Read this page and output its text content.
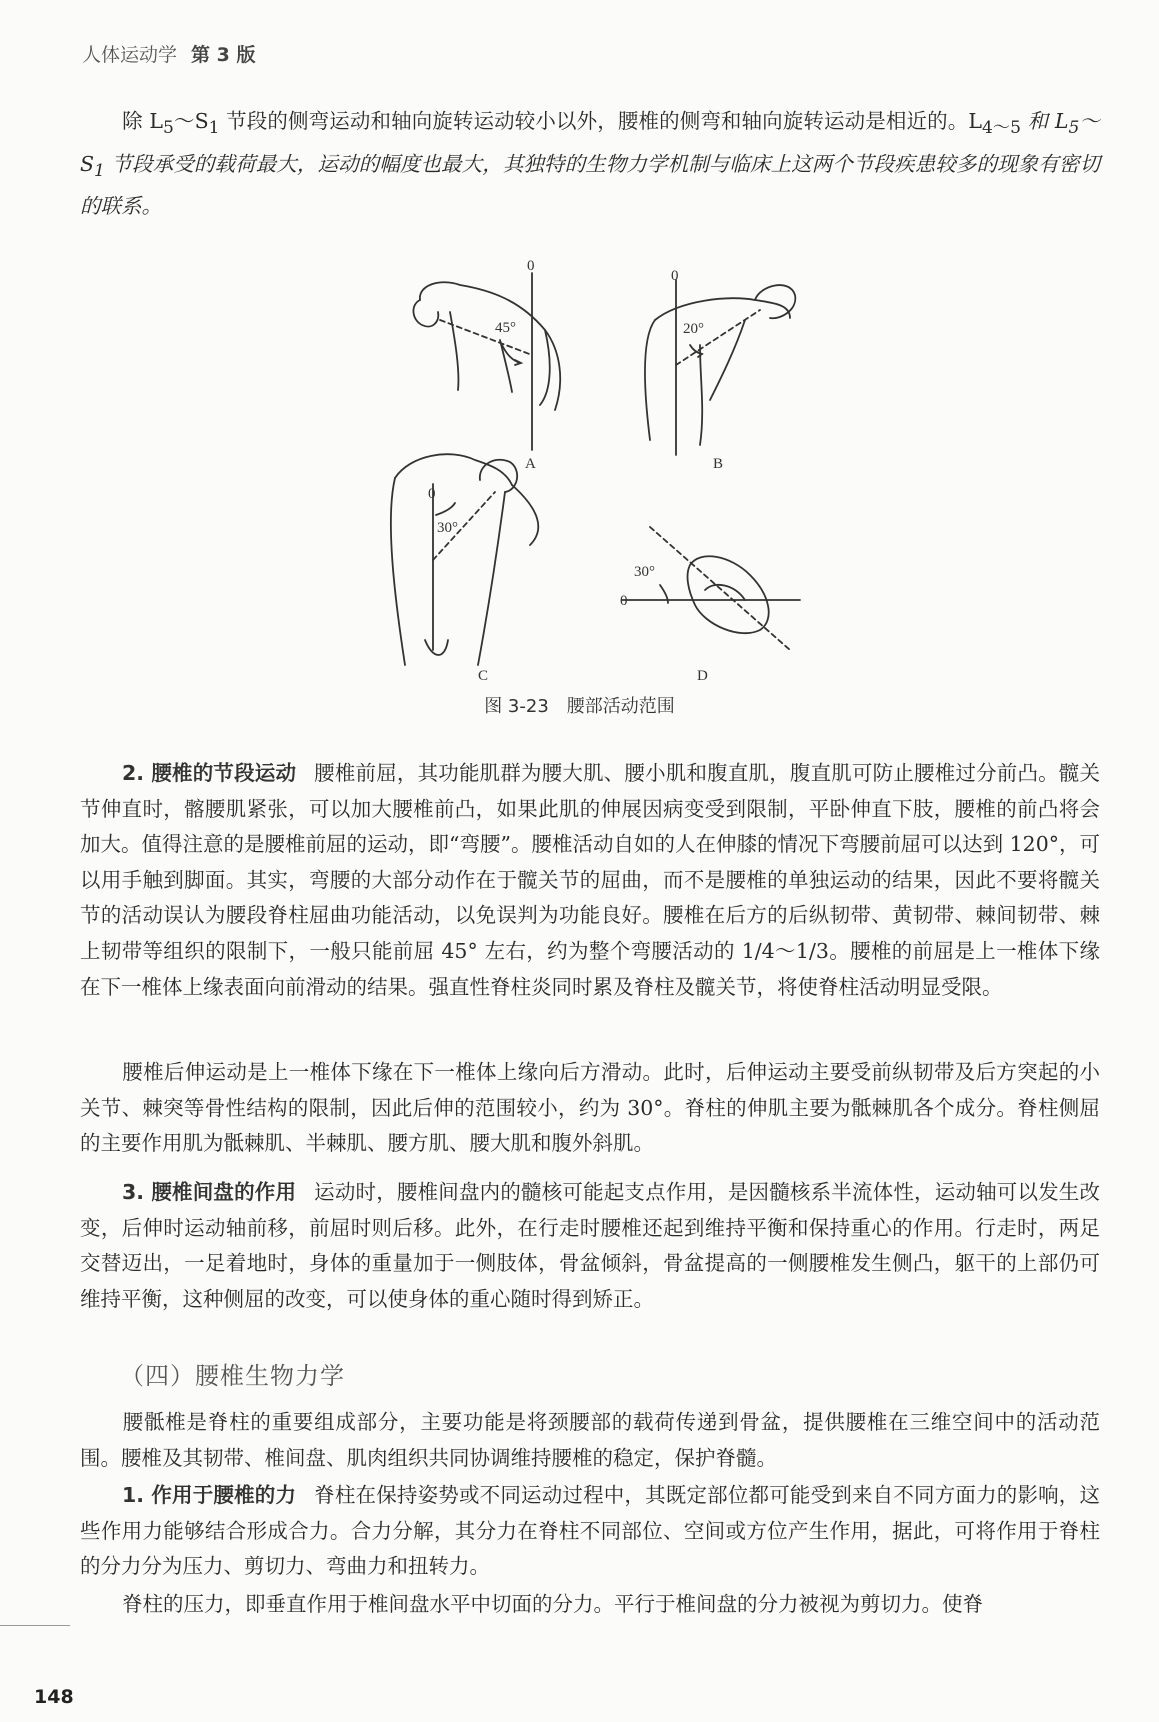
人体运动学 第 3 版

除 $L_5\sim S_1$ 节段的侧弯运动和轴向旋转运动较小以外，腰椎的侧弯和轴向旋转运动是相近的。$L_{4\sim 5}$ 和 $L_5\sim S_1$ 节段承受的载荷最大，运动的幅度也最大，其独特的生物力学机制与临床上这两个节段疾患较多的现象有密切的联系。

0
45°
A
0
20°
B
0
30°
C
0
30°
D
图 3-23 腰部活动范围

2. 腰椎的节段运动 腰椎前屈，其功能肌群为腰大肌、腰小肌和腹直肌，腹直肌可防止腰椎过分前凸。髋关节伸直时，髂腰肌紧张，可以加大腰椎前凸，如果此肌的伸展因病变受到限制，平卧伸直下肢，腰椎的前凸将会加大。值得注意的是腰椎前屈的运动，即“弯腰”。腰椎活动自如的人在伸膝的情况下弯腰前屈可以达到 120°，可以用手触到脚面。其实，弯腰的大部分动作在于髋关节的屈曲，而不是腰椎的单独运动的结果，因此不要将髋关节的活动误认为腰段脊柱屈曲功能活动，以免误判为功能良好。腰椎在后方的后纵韧带、黄韧带、棘间韧带、棘上韧带等组织的限制下，一般只能前屈 45° 左右，约为整个弯腰活动的 1/4～1/3。腰椎的前屈是上一椎体下缘在下一椎体上缘表面向前滑动的结果。强直性脊柱炎同时累及脊柱及髋关节，将使脊柱活动明显受限。

腰椎后伸运动是上一椎体下缘在下一椎体上缘向后方滑动。此时，后伸运动主要受前纵韧带及后方突起的小关节、棘突等骨性结构的限制，因此后伸的范围较小，约为 30°。脊柱的伸肌主要为骶棘肌各个成分。脊柱侧屈的主要作用肌为骶棘肌、半棘肌、腰方肌、腰大肌和腹外斜肌。

3. 腰椎间盘的作用 运动时，腰椎间盘内的髓核可能起支点作用，是因髓核系半流体性，运动轴可以发生改变，后伸时运动轴前移，前屈时则后移。此外，在行走时腰椎还起到维持平衡和保持重心的作用。行走时，两足交替迈出，一足着地时，身体的重量加于一侧肢体，骨盆倾斜，骨盆提高的一侧腰椎发生侧凸，躯干的上部仍可维持平衡，这种侧屈的改变，可以使身体的重心随时得到矫正。

（四）腰椎生物力学

腰骶椎是脊柱的重要组成部分，主要功能是将颈腰部的载荷传递到骨盆，提供腰椎在三维空间中的活动范围。腰椎及其韧带、椎间盘、肌肉组织共同协调维持腰椎的稳定，保护脊髓。

1. 作用于腰椎的力 脊柱在保持姿势或不同运动过程中，其既定部位都可能受到来自不同方面力的影响，这些作用力能够结合形成合力。合力分解，其分力在脊柱不同部位、空间或方位产生作用，据此，可将作用于脊柱的分力分为压力、剪切力、弯曲力和扭转力。

脊柱的压力，即垂直作用于椎间盘水平中切面的分力。平行于椎间盘的分力被视为剪切力。使脊

148
